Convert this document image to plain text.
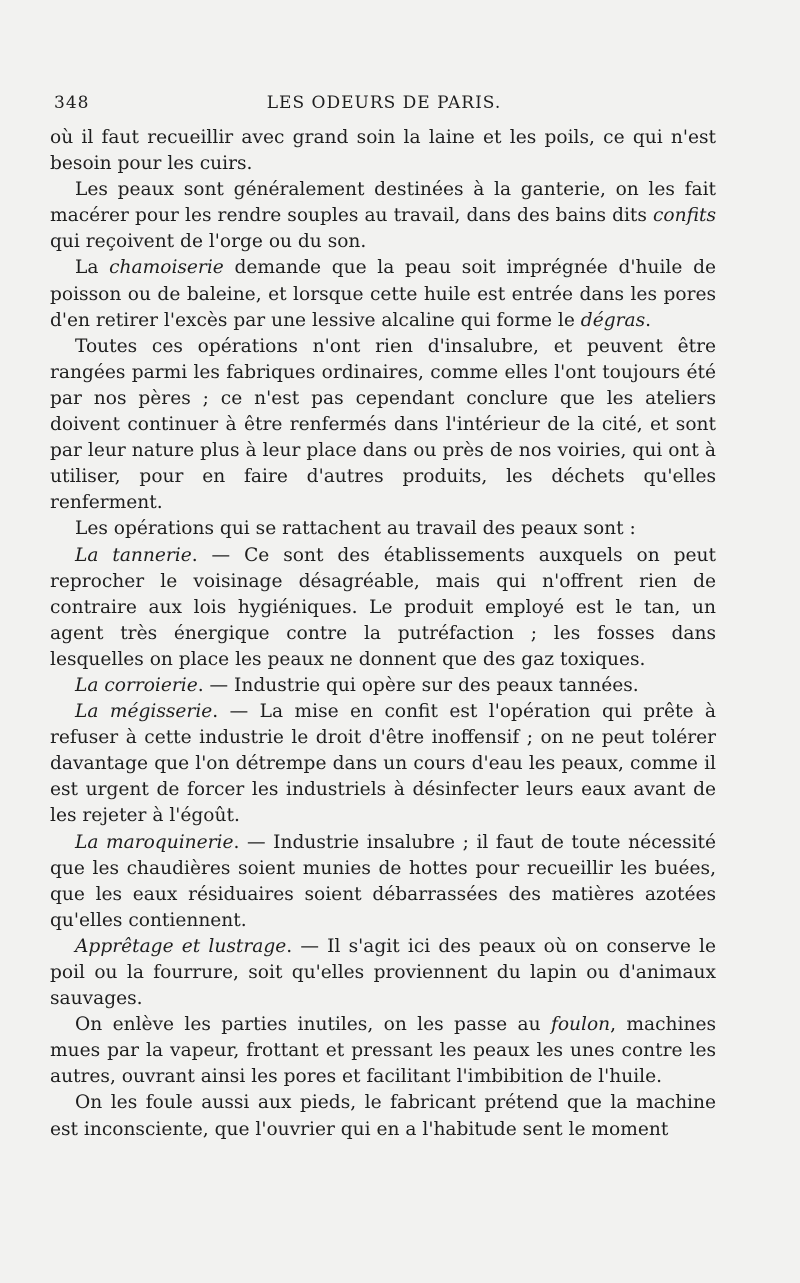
348	LES ODEURS DE PARIS.

où il faut recueillir avec grand soin la laine et les poils, ce qui n'est besoin pour les cuirs.

Les peaux sont généralement destinées à la ganterie, on les fait macérer pour les rendre souples au travail, dans des bains dits confits qui reçoivent de l'orge ou du son.

La chamoiserie demande que la peau soit imprégnée d'huile de poisson ou de baleine, et lorsque cette huile est entrée dans les pores d'en retirer l'excès par une lessive alcaline qui forme le dégras.

Toutes ces opérations n'ont rien d'insalubre, et peuvent être rangées parmi les fabriques ordinaires, comme elles l'ont toujours été par nos pères ; ce n'est pas cependant conclure que les ateliers doivent continuer à être renfermés dans l'intérieur de la cité, et sont par leur nature plus à leur place dans ou près de nos voiries, qui ont à utiliser, pour en faire d'autres produits, les déchets qu'elles renferment.

Les opérations qui se rattachent au travail des peaux sont :

La tannerie. — Ce sont des établissements auxquels on peut reprocher le voisinage désagréable, mais qui n'offrent rien de contraire aux lois hygiéniques. Le produit employé est le tan, un agent très énergique contre la putréfaction ; les fosses dans lesquelles on place les peaux ne donnent que des gaz toxiques.

La corroierie. — Industrie qui opère sur des peaux tannées.

La mégisserie. — La mise en confit est l'opération qui prête à refuser à cette industrie le droit d'être inoffensif ; on ne peut tolérer davantage que l'on détrempe dans un cours d'eau les peaux, comme il est urgent de forcer les industriels à désinfecter leurs eaux avant de les rejeter à l'égoût.

La maroquinerie. — Industrie insalubre ; il faut de toute nécessité que les chaudières soient munies de hottes pour recueillir les buées, que les eaux résiduaires soient débarrassées des matières azotées qu'elles contiennent.

Apprêtage et lustrage. — Il s'agit ici des peaux où on conserve le poil ou la fourrure, soit qu'elles proviennent du lapin ou d'animaux sauvages.

On enlève les parties inutiles, on les passe au foulon, machines mues par la vapeur, frottant et pressant les peaux les unes contre les autres, ouvrant ainsi les pores et facilitant l'imbibition de l'huile.

On les foule aussi aux pieds, le fabricant prétend que la machine est inconsciente, que l'ouvrier qui en a l'habitude sent le moment
